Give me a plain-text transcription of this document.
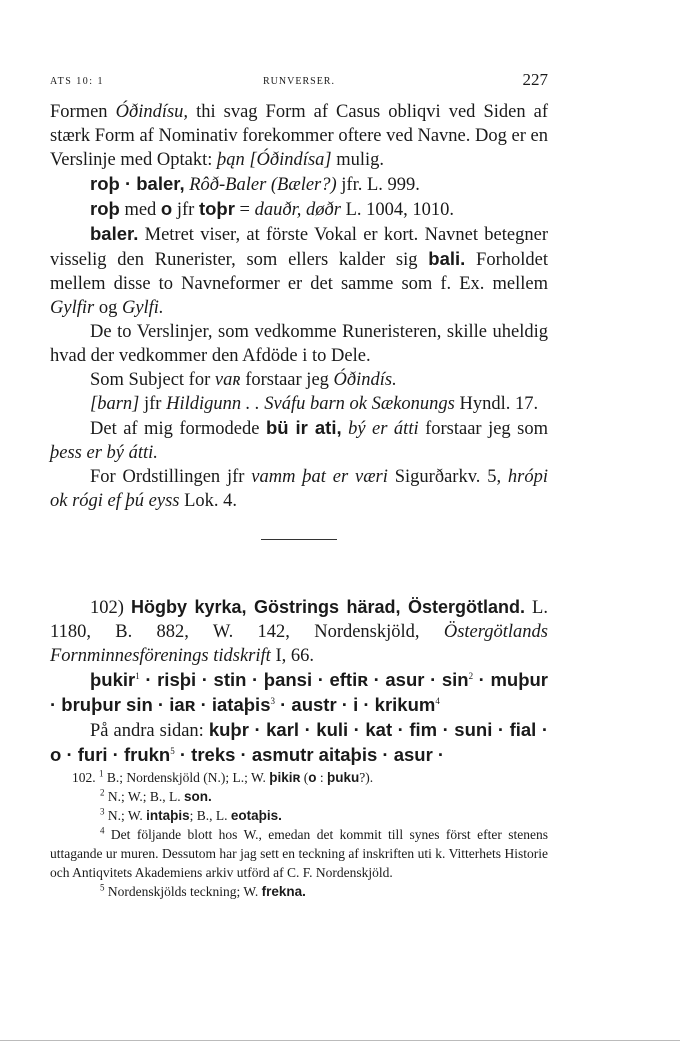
ATS 10: 1	RUNVERSER.	227

Formen Óðindísu, thi svag Form af Casus obliqvi ved Siden af stærk Form af Nominativ forekommer oftere ved Navne. Dog er en Verslinje med Optakt: þąn [Óðindísa] mulig.

roþ · baler, Rôð-Baler (Bæler?) jfr. L. 999.

roþ med o jfr toþr = dauðr, døðr L. 1004, 1010.

baler. Metret viser, at förste Vokal er kort. Navnet betegner visselig den Runerister, som ellers kalder sig bali. Forholdet mellem disse to Navneformer er det samme som f. Ex. mellem Gylfir og Gylfi.

De to Verslinjer, som vedkomme Runeristeren, skille uheldig hvad der vedkommer den Afdöde i to Dele.

Som Subject for vaʀ forstaar jeg Óðindís.

[barn] jfr Hildigunn . . Sváfu barn ok Sækonungs Hyndl. 17.

Det af mig formodede bü ir ati, bý er átti forstaar jeg som þess er bý átti.

For Ordstillingen jfr vamm þat er væri Sigurðarkv. 5, hrópi ok rógi ef þú eyss Lok. 4.

102) Högby kyrka, Göstrings härad, Östergötland. L. 1180, B. 882, W. 142, Nordenskjöld, Östergötlands Fornminnesförenings tidskrift I, 66.

þukir$^1$ · risþi · stin · þansi · eftiʀ · asur · $\sin^2$ · muþur · bruþur sin · iaʀ · iataþis$^3$ · austr · i · krikum$^4$

På andra sidan: kuþr · karl · kuli · kat · fim · suni · fial · o · furi · frukn$^5$ · treks · asmutr aitaþis · asur ·

102. $^1$ B.; Nordenskjöld (N.); L.; W. þikiʀ (o : þuku?).

$^2$ N.; W.; B., L. son.

$^3$ N.; W. intaþis; B., L. eotaþis.

$^4$ Det följande blott hos W., emedan det kommit till synes först efter stenens uttagande ur muren. Dessutom har jag sett en teckning af inskriften uti k. Vitterhets Historie och Antiqvitets Akademiens arkiv utförd af C. F. Nordenskjöld.

$^5$ Nordenskjölds teckning; W. frekna.
